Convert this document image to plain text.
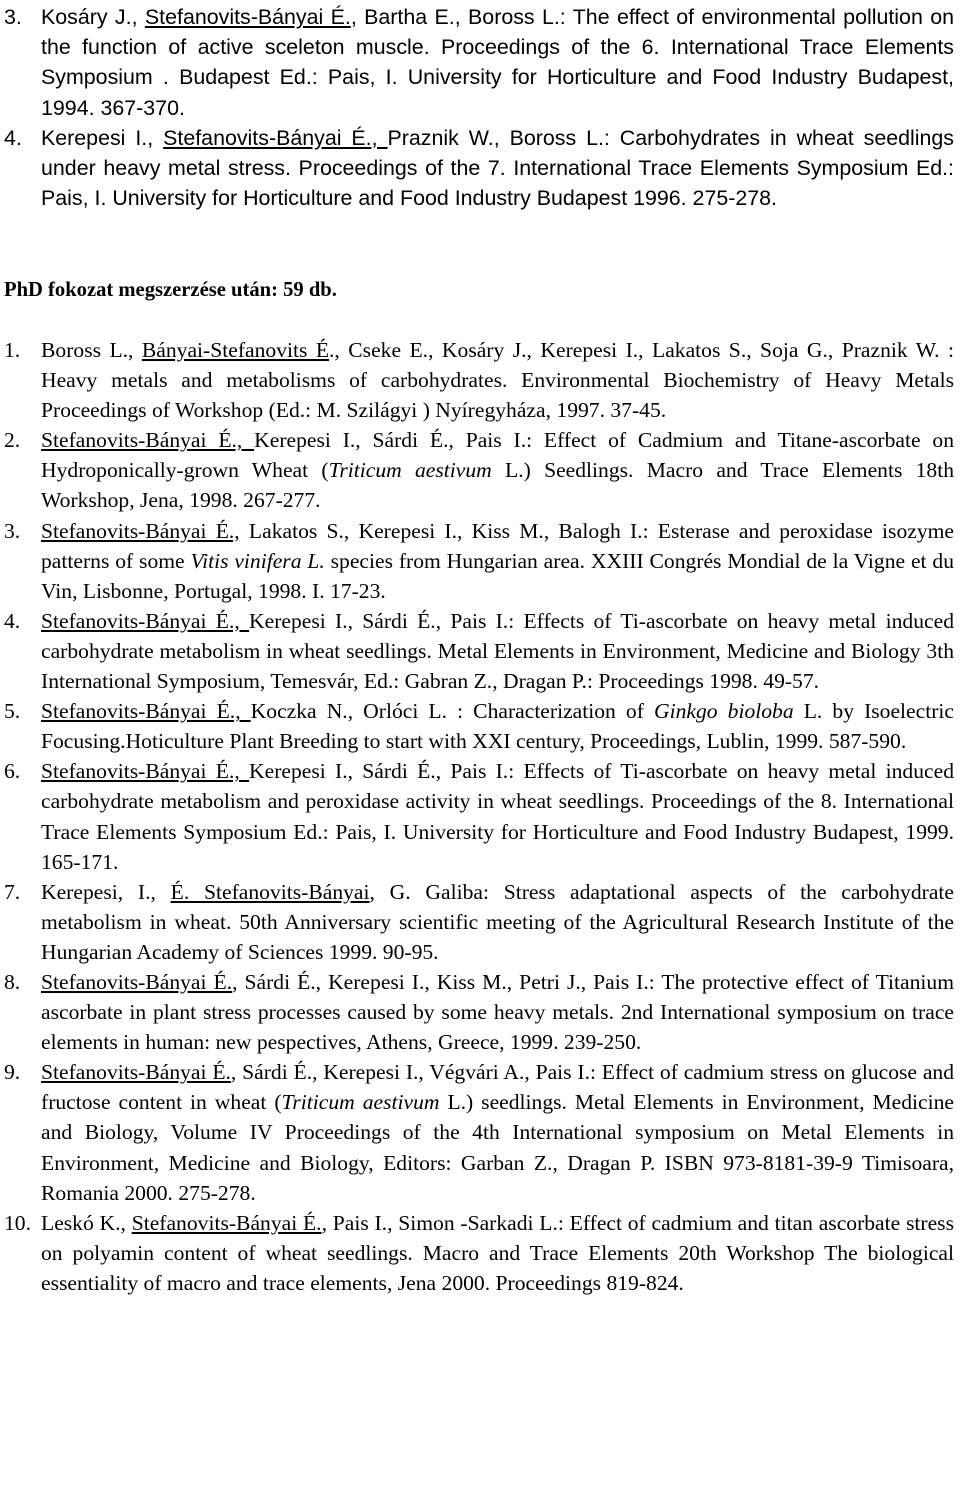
3. Kosáry J., Stefanovits-Bányai É., Bartha E., Boross L.: The effect of environmental pollution on the function of active sceleton muscle. Proceedings of the 6. International Trace Elements Symposium . Budapest Ed.: Pais, I. University for Horticulture and Food Industry Budapest, 1994. 367-370.
4. Kerepesi I., Stefanovits-Bányai É., Praznik W., Boross L.: Carbohydrates in wheat seedlings under heavy metal stress. Proceedings of the 7. International Trace Elements Symposium Ed.: Pais, I. University for Horticulture and Food Industry Budapest 1996. 275-278.

PhD fokozat megszerzése után: 59 db.

1. Boross L., Bányai-Stefanovits É., Cseke E., Kosáry J., Kerepesi I., Lakatos S., Soja G., Praznik W. : Heavy metals and metabolisms of carbohydrates. Environmental Biochemistry of Heavy Metals Proceedings of Workshop (Ed.: M. Szilágyi ) Nyíregyháza, 1997. 37-45.
2. Stefanovits-Bányai É., Kerepesi I., Sárdi É., Pais I.: Effect of Cadmium and Titane-ascorbate on Hydroponically-grown Wheat (Triticum aestivum L.) Seedlings. Macro and Trace Elements 18th Workshop, Jena, 1998. 267-277.
3. Stefanovits-Bányai É., Lakatos S., Kerepesi I., Kiss M., Balogh I.: Esterase and peroxidase isozyme patterns of some Vitis vinifera L. species from Hungarian area. XXIII Congrés Mondial de la Vigne et du Vin, Lisbonne, Portugal, 1998. I. 17-23.
4. Stefanovits-Bányai É., Kerepesi I., Sárdi É., Pais I.: Effects of Ti-ascorbate on heavy metal induced carbohydrate metabolism in wheat seedlings. Metal Elements in Environment, Medicine and Biology 3th International Symposium, Temesvár, Ed.: Gabran Z., Dragan P.: Proceedings 1998. 49-57.
5. Stefanovits-Bányai É., Koczka N., Orlóci L. : Characterization of Ginkgo bioloba L. by Isoelectric Focusing.Hoticulture Plant Breeding to start with XXI century, Proceedings, Lublin, 1999. 587-590.
6. Stefanovits-Bányai É., Kerepesi I., Sárdi É., Pais I.: Effects of Ti-ascorbate on heavy metal induced carbohydrate metabolism and peroxidase activity in wheat seedlings. Proceedings of the 8. International Trace Elements Symposium Ed.: Pais, I. University for Horticulture and Food Industry Budapest, 1999. 165-171.
7. Kerepesi, I., É. Stefanovits-Bányai, G. Galiba: Stress adaptational aspects of the carbohydrate metabolism in wheat. 50th Anniversary scientific meeting of the Agricultural Research Institute of the Hungarian Academy of Sciences 1999. 90-95.
8. Stefanovits-Bányai É., Sárdi É., Kerepesi I., Kiss M., Petri J., Pais I.: The protective effect of Titanium ascorbate in plant stress processes caused by some heavy metals. 2nd International symposium on trace elements in human: new pespectives, Athens, Greece, 1999. 239-250.
9. Stefanovits-Bányai É., Sárdi É., Kerepesi I., Végvári A., Pais I.: Effect of cadmium stress on glucose and fructose content in wheat (Triticum aestivum L.) seedlings. Metal Elements in Environment, Medicine and Biology, Volume IV Proceedings of the 4th International symposium on Metal Elements in Environment, Medicine and Biology, Editors: Garban Z., Dragan P. ISBN 973-8181-39-9 Timisoara, Romania 2000. 275-278.
10. Leskó K., Stefanovits-Bányai É., Pais I., Simon -Sarkadi L.: Effect of cadmium and titan ascorbate stress on polyamin content of wheat seedlings. Macro and Trace Elements 20th Workshop The biological essentiality of macro and trace elements, Jena 2000. Proceedings 819-824.
